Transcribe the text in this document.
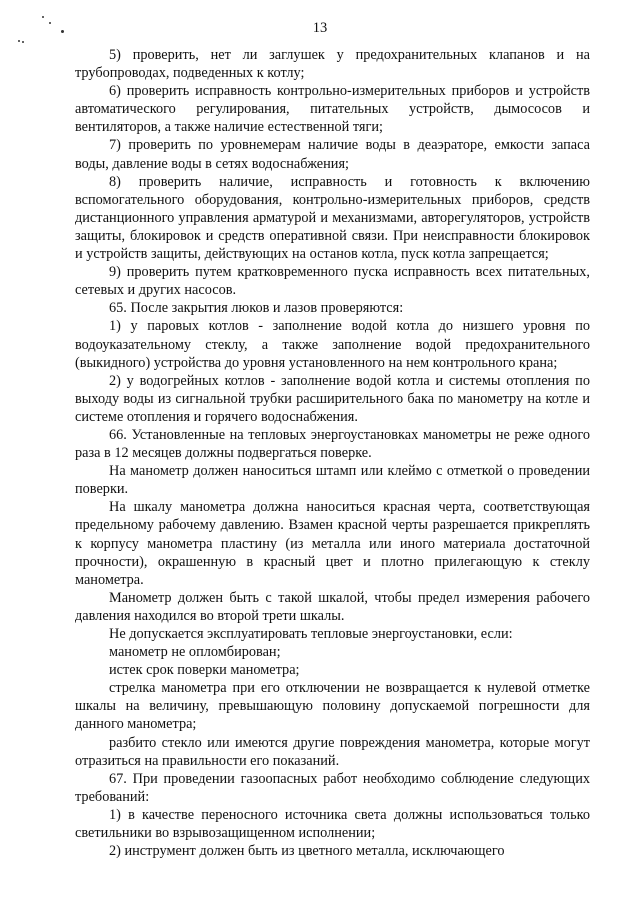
13

5) проверить, нет ли заглушек у предохранительных клапанов и на трубопроводах, подведенных к котлу;

6) проверить исправность контрольно-измерительных приборов и устройств автоматического регулирования, питательных устройств, дымососов и вентиляторов, а также наличие естественной тяги;

7) проверить по уровнемерам наличие воды в деаэраторе, емкости запаса воды, давление воды в сетях водоснабжения;

8) проверить наличие, исправность и готовность к включению вспомогательного оборудования, контрольно-измерительных приборов, средств дистанционного управления арматурой и механизмами, авторегуляторов, устройств защиты, блокировок и средств оперативной связи. При неисправности блокировок и устройств защиты, действующих на останов котла, пуск котла запрещается;

9) проверить путем кратковременного пуска исправность всех питательных, сетевых и других насосов.

65. После закрытия люков и лазов проверяются:

1) у паровых котлов - заполнение водой котла до низшего уровня по водоуказательному стеклу, а также заполнение водой предохранительного (выкидного) устройства до уровня установленного на нем контрольного крана;

2) у водогрейных котлов - заполнение водой котла и системы отопления по выходу воды из сигнальной трубки расширительного бака по манометру на котле и системе отопления и горячего водоснабжения.

66. Установленные на тепловых энергоустановках манометры не реже одного раза в 12 месяцев должны подвергаться поверке.

На манометр должен наноситься штамп или клеймо с отметкой о проведении поверки.

На шкалу манометра должна наноситься красная черта, соответствующая предельному рабочему давлению. Взамен красной черты разрешается прикреплять к корпусу манометра пластину (из металла или иного материала достаточной прочности), окрашенную в красный цвет и плотно прилегающую к стеклу манометра.

Манометр должен быть с такой шкалой, чтобы предел измерения рабочего давления находился во второй трети шкалы.

Не допускается эксплуатировать тепловые энергоустановки, если:

манометр не опломбирован;

истек срок поверки манометра;

стрелка манометра при его отключении не возвращается к нулевой отметке шкалы на величину, превышающую половину допускаемой погрешности для данного манометра;

разбито стекло или имеются другие повреждения манометра, которые могут отразиться на правильности его показаний.

67. При проведении газоопасных работ необходимо соблюдение следующих требований:

1) в качестве переносного источника света должны использоваться только светильники во взрывозащищенном исполнении;

2) инструмент должен быть из цветного металла, исключающего
